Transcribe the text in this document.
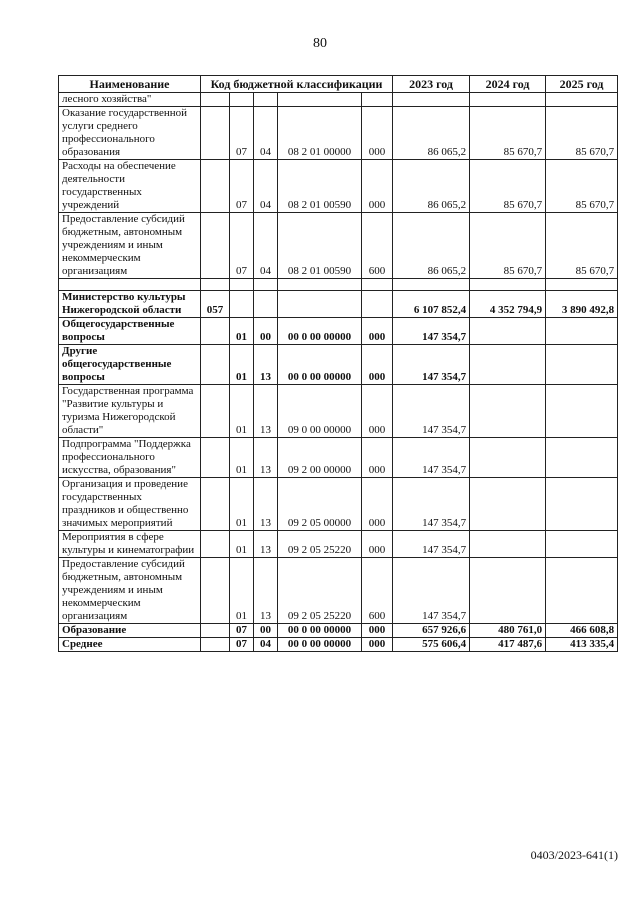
80
Наименование	Код бюджетной классификации					2023 год	2024 год	2025 год
лесного хозяйства"								
Оказание государственной услуги среднего профессионального образования		07	04	08 2 01 00000	000	86 065,2	85 670,7	85 670,7
Расходы на обеспечение деятельности государственных учреждений		07	04	08 2 01 00590	000	86 065,2	85 670,7	85 670,7
Предоставление субсидий бюджетным, автономным учреждениям и иным некоммерческим организациям		07	04	08 2 01 00590	600	86 065,2	85 670,7	85 670,7

Министерство культуры Нижегородской области	057					6 107 852,4	4 352 794,9	3 890 492,8
Общегосударственные вопросы		01	00	00 0 00 00000	000	147 354,7		
Другие общегосударственные вопросы		01	13	00 0 00 00000	000	147 354,7		
Государственная программа "Развитие культуры и туризма Нижегородской области"		01	13	09 0 00 00000	000	147 354,7		
Подпрограмма "Поддержка профессионального искусства, образования"		01	13	09 2 00 00000	000	147 354,7		
Организация и проведение государственных праздников и общественно значимых мероприятий		01	13	09 2 05 00000	000	147 354,7		
Мероприятия в сфере культуры и кинематографии		01	13	09 2 05 25220	000	147 354,7		
Предоставление субсидий бюджетным, автономным учреждениям и иным некоммерческим организациям		01	13	09 2 05 25220	600	147 354,7		
Образование		07	00	00 0 00 00000	000	657 926,6	480 761,0	466 608,8
Среднее		07	04	00 0 00 00000	000	575 606,4	417 487,6	413 335,4
0403/2023-641(1)
